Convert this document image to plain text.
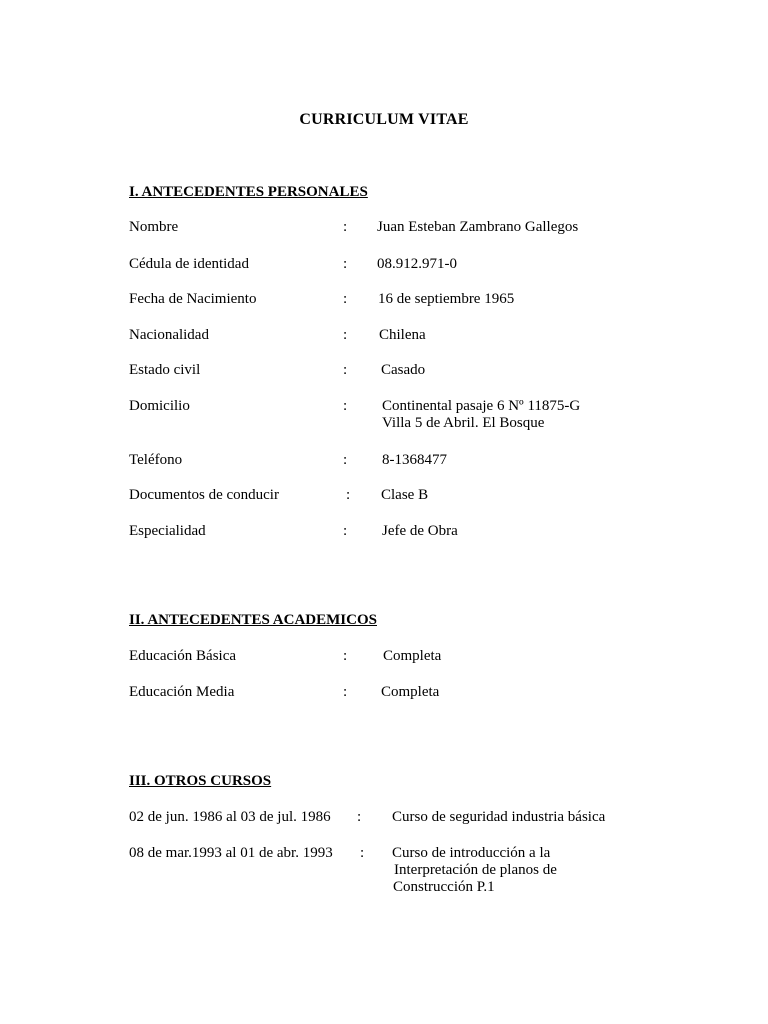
CURRICULUM VITAE
I. ANTECEDENTES PERSONALES
Nombre	: Juan Esteban Zambrano Gallegos
Cédula de identidad	: 08.912.971-0
Fecha de Nacimiento	: 16 de septiembre 1965
Nacionalidad	: Chilena
Estado civil	: Casado
Domicilio	: Continental pasaje 6 Nº 11875-G
Villa 5 de Abril. El Bosque
Teléfono	: 8-1368477
Documentos de conducir	: Clase B
Especialidad	: Jefe de Obra
II. ANTECEDENTES ACADEMICOS
Educación Básica	: Completa
Educación Media	: Completa
III. OTROS CURSOS
02 de jun. 1986 al 03 de jul. 1986 : Curso de seguridad industria básica
08 de mar.1993 al 01 de abr. 1993 : Curso de introducción a la
Interpretación de planos de
Construcción P.1
